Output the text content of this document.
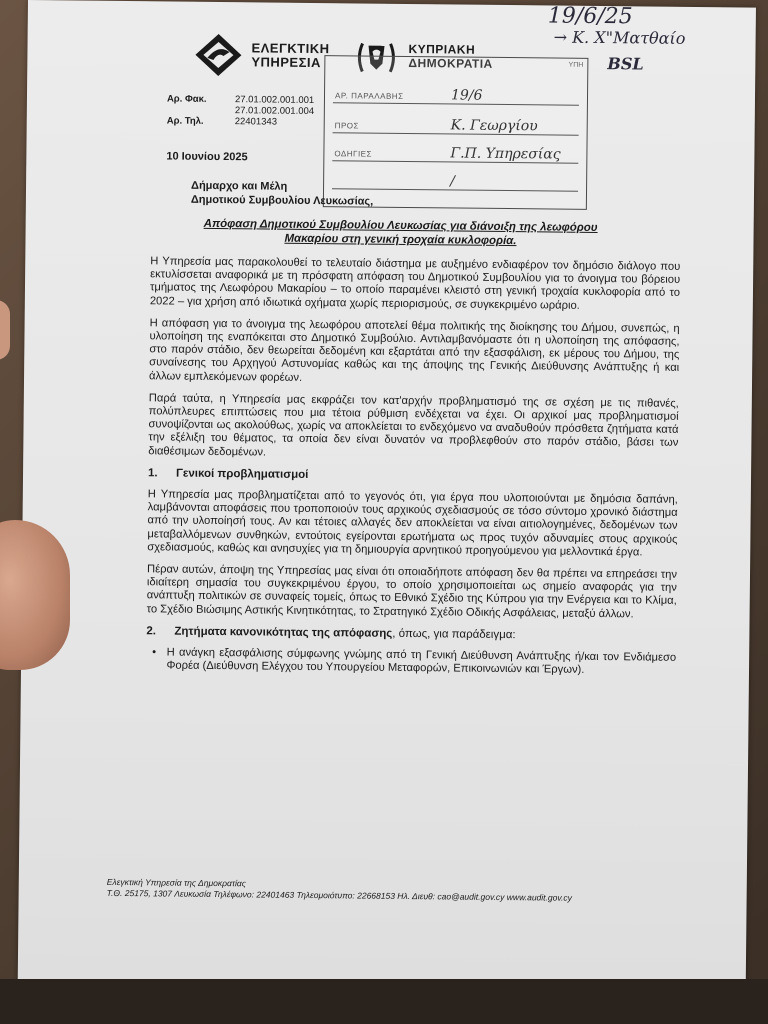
19/6/25
→ Κ. Χ"Ματθαίο
BSL
ΕΛΕΓΚΤΙΚΗ
ΥΠΗΡΕΣΙΑ
ΚΥΠΡΙΑΚΗ
ΔΗΜΟΚΡΑΤΙΑ	ΥΠΗ
ΑΡ. ΠΑΡΑΛΑΒΗΣ	19/6
ΠΡΟΣ	Κ. Γεωργίου
ΟΔΗΓΙΕΣ	Γ.Π. Υπηρεσίας
/
Αρ. Φακ.	27.01.002.001.001
27.01.002.001.004
Αρ. Τηλ.	22401343
10 Ιουνίου 2025
Δήμαρχο και Μέλη
Δημοτικού Συμβουλίου Λευκωσίας,
Απόφαση Δημοτικού Συμβουλίου Λευκωσίας για διάνοιξη της λεωφόρου Μακαρίου στη γενική τροχαία κυκλοφορία.

Η Υπηρεσία μας παρακολουθεί το τελευταίο διάστημα με αυξημένο ενδιαφέρον τον δημόσιο διάλογο που εκτυλίσσεται αναφορικά με τη πρόσφατη απόφαση του Δημοτικού Συμβουλίου για το άνοιγμα του βόρειου τμήματος της Λεωφόρου Μακαρίου – το οποίο παραμένει κλειστό στη γενική τροχαία κυκλοφορία από το 2022 – για χρήση από ιδιωτικά οχήματα χωρίς περιορισμούς, σε συγκεκριμένο ωράριο.

Η απόφαση για το άνοιγμα της λεωφόρου αποτελεί θέμα πολιτικής της διοίκησης του Δήμου, συνεπώς, η υλοποίηση της εναπόκειται στο Δημοτικό Συμβούλιο. Αντιλαμβανόμαστε ότι η υλοποίηση της απόφασης, στο παρόν στάδιο, δεν θεωρείται δεδομένη και εξαρτάται από την εξασφάλιση, εκ μέρους του Δήμου, της συναίνεσης του Αρχηγού Αστυνομίας καθώς και της άποψης της Γενικής Διεύθυνσης Ανάπτυξης ή και άλλων εμπλεκόμενων φορέων.

Παρά ταύτα, η Υπηρεσία μας εκφράζει τον κατ'αρχήν προβληματισμό της σε σχέση με τις πιθανές, πολύπλευρες επιπτώσεις που μια τέτοια ρύθμιση ενδέχεται να έχει. Οι αρχικοί μας προβληματισμοί συνοψίζονται ως ακολούθως, χωρίς να αποκλείεται το ενδεχόμενο να αναδυθούν πρόσθετα ζητήματα κατά την εξέλιξη του θέματος, τα οποία δεν είναι δυνατόν να προβλεφθούν στο παρόν στάδιο, βάσει των διαθέσιμων δεδομένων.

1.	Γενικοί προβληματισμοί

Η Υπηρεσία μας προβληματίζεται από το γεγονός ότι, για έργα που υλοποιούνται με δημόσια δαπάνη, λαμβάνονται αποφάσεις που τροποποιούν τους αρχικούς σχεδιασμούς σε τόσο σύντομο χρονικό διάστημα από την υλοποίησή τους. Αν και τέτοιες αλλαγές δεν αποκλείεται να είναι αιτιολογημένες, δεδομένων των μεταβαλλόμενων συνθηκών, εντούτοις εγείρονται ερωτήματα ως προς τυχόν αδυναμίες στους αρχικούς σχεδιασμούς, καθώς και ανησυχίες για τη δημιουργία αρνητικού προηγούμενου για μελλοντικά έργα.

Πέραν αυτών, άποψη της Υπηρεσίας μας είναι ότι οποιαδήποτε απόφαση δεν θα πρέπει να επηρεάσει την ιδιαίτερη σημασία του συγκεκριμένου έργου, το οποίο χρησιμοποιείται ως σημείο αναφοράς για την ανάπτυξη πολιτικών σε συναφείς τομείς, όπως το Εθνικό Σχέδιο της Κύπρου για την Ενέργεια και το Κλίμα, το Σχέδιο Βιώσιμης Αστικής Κινητικότητας, το Στρατηγικό Σχέδιο Οδικής Ασφάλειας, μεταξύ άλλων.

2.	Ζητήματα κανονικότητας της απόφασης, όπως, για παράδειγμα:
• Η ανάγκη εξασφάλισης σύμφωνης γνώμης από τη Γενική Διεύθυνση Ανάπτυξης ή/και τον Ενδιάμεσο Φορέα (Διεύθυνση Ελέγχου του Υπουργείου Μεταφορών, Επικοινωνιών και Έργων).
Ελεγκτική Υπηρεσία της Δημοκρατίας
Τ.Θ. 25175, 1307 Λευκωσία Τηλέφωνο: 22401463 Τηλεομοιότυπο: 22668153 Ηλ. Διευθ: cao@audit.gov.cy www.audit.gov.cy
